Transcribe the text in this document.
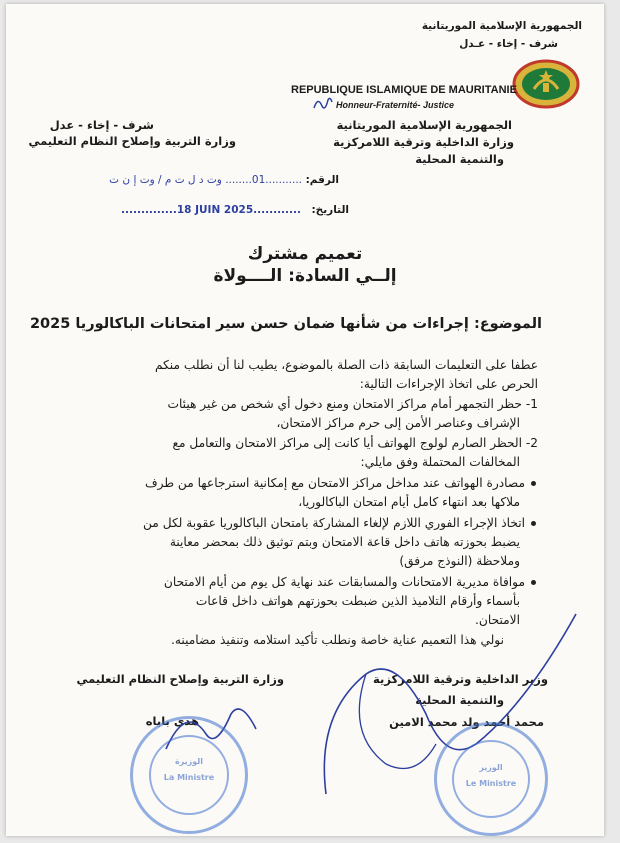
الجمهورية الإسلامية الموريتانية
شرف - إخاء - عـدل
REPUBLIQUE ISLAMIQUE DE MAURITANIE
Honneur-Fraternité- Justice
شرف - إخاء - عدل
وزارة التربية وإصلاح النظام التعليمي
الجمهورية الإسلامية الموريتانية
وزارة الداخلية وترقية اللامركزية
والتنمية المحلية
الرقم:
...........01........ وت د ل ت م / وت إ ن ت
التاريخ:
..............18 JUIN 2025............
تعميم مشترك
إلــي السادة: الــــولاة
الموضوع: إجراءات من شأنها ضمان حسن سير امتحانات الباكالوريا 2025
عطفا على التعليمات السابقة ذات الصلة بالموضوع، يطيب لنا أن نطلب منكم
الحرص على اتخاذ الإجراءات التالية:
1- حظر التجمهر أمام مراكز الامتحان ومنع دخول أي شخص من غير هيئات
الإشراف وعناصر الأمن إلى حرم مراكز الامتحان،
2- الحظر الصارم لولوج الهواتف أيا كانت إلى مراكز الامتحان والتعامل مع
المخالفات المحتملة وفق مايلي:
مصادرة الهواتف عند مداخل مراكز الامتحان مع إمكانية استرجاعها من طرف
ملاكها بعد انتهاء كامل أيام امتحان الباكالوريا،
اتخاذ الإجراء الفوري اللازم لإلغاء المشاركة بامتحان الباكالوريا عقوبة لكل من
يضبط بحوزته هاتف داخل قاعة الامتحان وبتم توثيق ذلك بمحضر معاينة
وملاحظة (النوذج مرفق)
موافاة مديرية الامتحانات والمسابقات عند نهاية كل يوم من أيام الامتحان
بأسماء وأرقام التلاميذ الذين ضبطت بحوزتهم هواتف داخل قاعات
الامتحان.
نولي هذا التعميم عناية خاصة ونطلب تأكيد استلامه وتنفيذ مضامينه.
وزارة التربية وإصلاح النظام التعليمي
هدى باباه
وزير الداخلية وترقية اللامركزية
والتنمية المحلية
محمد أحمد ولد محمد الامين
الوزيرة
La Ministre
الوزير
Le Ministre
